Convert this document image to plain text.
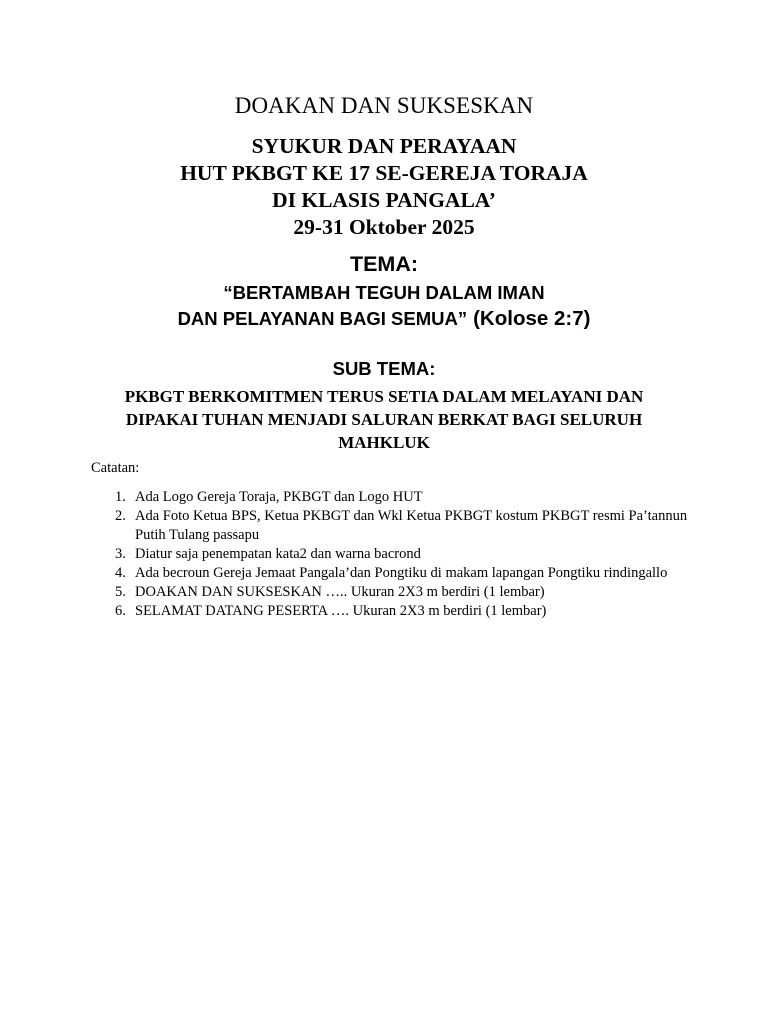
DOAKAN DAN SUKSESKAN
SYUKUR DAN PERAYAAN
HUT PKBGT KE 17 SE-GEREJA TORAJA
DI KLASIS PANGALA’
29-31 Oktober 2025
TEMA:
“BERTAMBAH TEGUH DALAM IMAN
DAN PELAYANAN BAGI SEMUA” (Kolose 2:7)
SUB TEMA:
PKBGT BERKOMITMEN TERUS SETIA DALAM MELAYANI DAN
DIPAKAI TUHAN MENJADI SALURAN BERKAT BAGI SELURUH
MAHKLUK
Catatan:
1. Ada Logo Gereja Toraja, PKBGT dan Logo HUT
2. Ada Foto Ketua BPS, Ketua PKBGT dan Wkl Ketua PKBGT kostum PKBGT resmi Pa’tannun Putih Tulang passapu
3. Diatur saja penempatan kata2 dan warna bacrond
4. Ada becroun Gereja Jemaat Pangala’dan Pongtiku di makam lapangan Pongtiku rindingallo
5. DOAKAN DAN SUKSESKAN ….. Ukuran 2X3 m berdiri (1 lembar)
6. SELAMAT DATANG PESERTA …. Ukuran 2X3 m berdiri (1 lembar)
